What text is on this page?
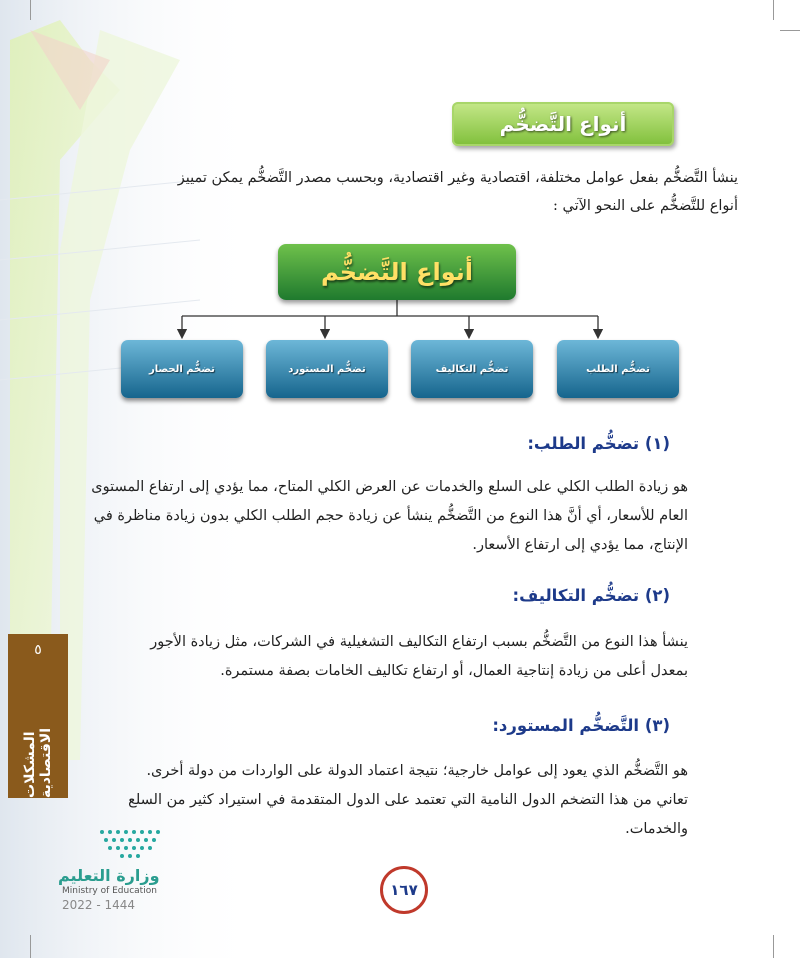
أنواع التَّضخُّم
ينشأ التَّضخُّم بفعل عوامل مختلفة، اقتصادية وغير اقتصادية، وبحسب مصدر التَّضخُّم يمكن تمييز
أنواع للتَّضخُّم على النحو الآتي :
أنواع التَّضخُّم
تضخُّم الطلب
تضخُّم التكاليف
تضخُّم المستورد
تضخُّم الحصار
(١) تضخُّم الطلب:
هو زيادة الطلب الكلي على السلع والخدمات عن العرض الكلي المتاح، مما يؤدي إلى ارتفاع المستوى
العام للأسعار، أي أنَّ هذا النوع من التَّضخُّم ينشأ عن زيادة حجم الطلب الكلي بدون زيادة مناظرة في
الإنتاج، مما يؤدي إلى ارتفاع الأسعار.
(٢) تضخُّم التكاليف:
ينشأ هذا النوع من التَّضخُّم بسبب ارتفاع التكاليف التشغيلية في الشركات، مثل زيادة الأجور
بمعدل أعلى من زيادة إنتاجية العمال، أو ارتفاع تكاليف الخامات بصفة مستمرة.
(٣) التَّضخُّم المستورد:
هو التَّضخُّم الذي يعود إلى عوامل خارجية؛ نتيجة اعتماد الدولة على الواردات من دولة أخرى.
تعاني من هذا التضخم الدول النامية التي تعتمد على الدول المتقدمة في استيراد كثير من السلع
والخدمات.
٥
المشكلات الاقتصادية
وزارة التعليم
Ministry of Education
2022 - 1444
١٦٧
